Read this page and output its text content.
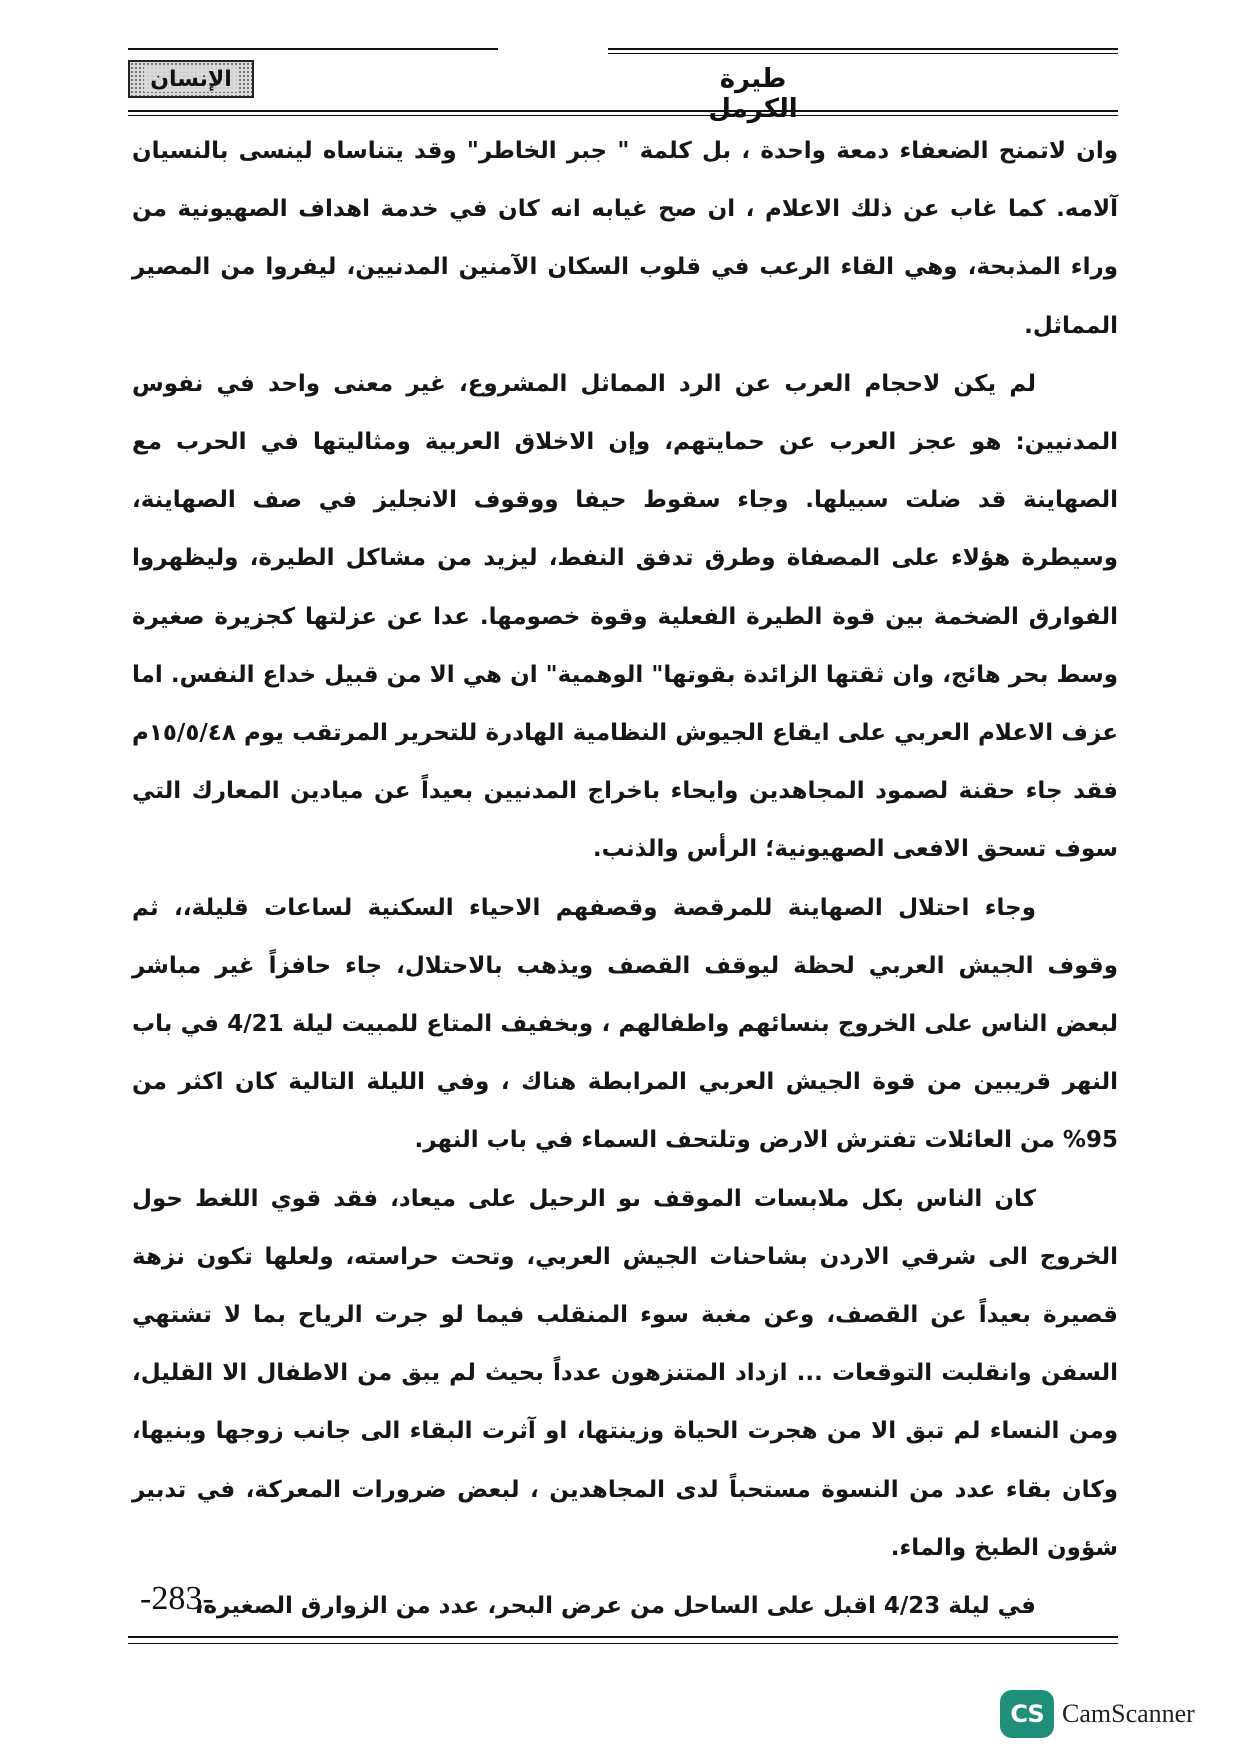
الإنسان	طيرة الكرمل

وان لاتمنح الضعفاء دمعة واحدة ، بل كلمة " جبر الخاطر" وقد يتناساه لينسى بالنسيان آلامه. كما غاب عن ذلك الاعلام ، ان صح غيابه انه كان في خدمة اهداف الصهيونية من وراء المذبحة، وهي القاء الرعب في قلوب السكان الآمنين المدنيين، ليفروا من المصير المماثل.

لم يكن لاحجام العرب عن الرد المماثل المشروع، غير معنى واحد في نفوس المدنيين: هو عجز العرب عن حمايتهم، وإن الاخلاق العربية ومثاليتها في الحرب مع الصهاينة قد ضلت سبيلها. وجاء سقوط حيفا ووقوف الانجليز في صف الصهاينة، وسيطرة هؤلاء على المصفاة وطرق تدفق النفط، ليزيد من مشاكل الطيرة، وليظهروا الفوارق الضخمة بين قوة الطيرة الفعلية وقوة خصومها. عدا عن عزلتها كجزيرة صغيرة وسط بحر هائج، وان ثقتها الزائدة بقوتها" الوهمية" ان هي الا من قبيل خداع النفس. اما عزف الاعلام العربي على ايقاع الجيوش النظامية الهادرة للتحرير المرتقب يوم ١٥/٥/٤٨م فقد جاء حقنة لصمود المجاهدين وايحاء باخراج المدنيين بعيداً عن ميادين المعارك التي سوف تسحق الافعى الصهيونية؛ الرأس والذنب.

وجاء احتلال الصهاينة للمرقصة وقصفهم الاحياء السكنية لساعات قليلة،، ثم وقوف الجيش العربي لحظة ليوقف القصف ويذهب بالاحتلال، جاء حافزاً غير مباشر لبعض الناس على الخروج بنسائهم واطفالهم ، وبخفيف المتاع للمبيت ليلة 4/21 في باب النهر قريبين من قوة الجيش العربي المرابطة هناك ، وفي الليلة التالية كان اكثر من 95% من العائلات تفترش الارض وتلتحف السماء في باب النهر.

كان الناس بكل ملابسات الموقف ىو الرحيل على ميعاد، فقد قوي اللغط حول الخروج الى شرقي الاردن بشاحنات الجيش العربي، وتحت حراسته، ولعلها تكون نزهة قصيرة بعيداً عن القصف، وعن مغبة سوء المنقلب فيما لو جرت الرياح بما لا تشتهي السفن وانقلبت التوقعات ... ازداد المتنزهون عدداً بحيث لم يبق من الاطفال الا القليل، ومن النساء لم تبق الا من هجرت الحياة وزينتها، او آثرت البقاء الى جانب زوجها وبنيها، وكان بقاء عدد من النسوة مستحباً لدى المجاهدين ، لبعض ضرورات المعركة، في تدبير شؤون الطبخ والماء.

في ليلة 4/23 اقبل على الساحل من عرض البحر، عدد من الزوارق الصغيرة،

-283-
CS CamScanner
